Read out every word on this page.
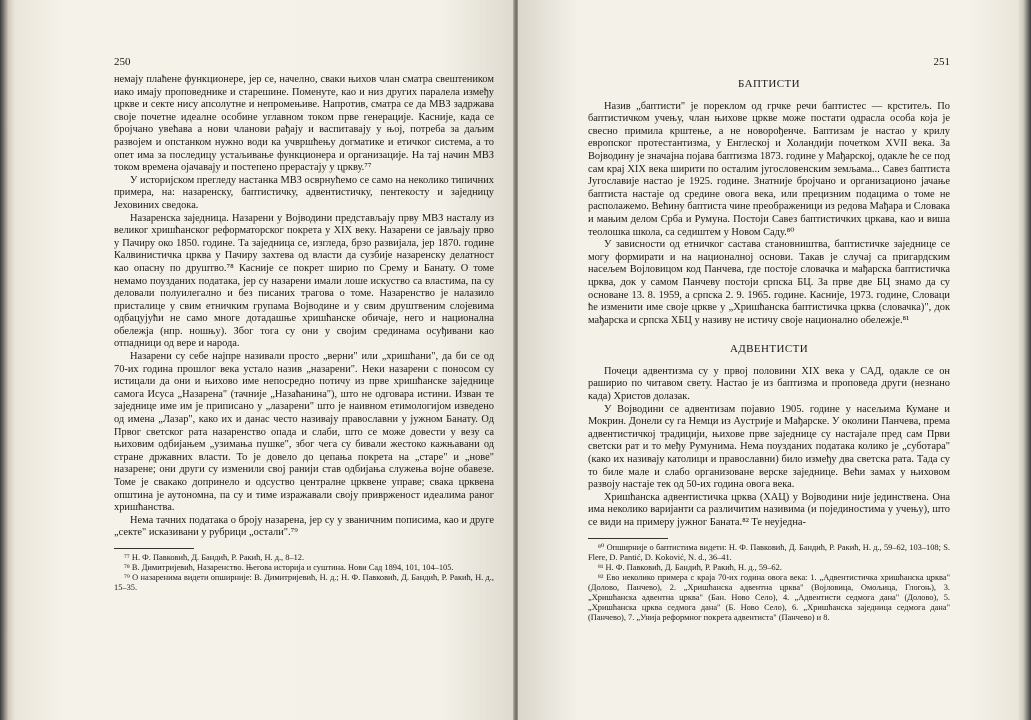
250

немају плаћене функционере, јер се, начелно, сваки њихов члан сматра свештеником иако имају проповеднике и старешине. Поменуте, као и низ других паралела између цркве и секте нису апсолутне и непромењиве. Напротив, сматра се да МВЗ задржава своје почетне идеалне особине углавном током прве генерације. Касније, када се бројчано увећава а нови чланови рађају и васпитавају у њој, потреба за даљим развојем и опстанком нужно води ка учвршћењу догматике и етичког система, а то опет има за последицу устаљивање функционера и организације. На тај начин МВЗ током времена ојачавају и постепено прерастају у цркву.⁷⁷

У историјском прегледу настанка МВЗ осврнућемо се само на неколико типичних примера, на: назаренску, баптистичку, адвентистичку, пентекосту и заједницу Јеховиних сведока.

Назаренска заједница. Назарени у Војводини представљају прву МВЗ насталу из великог хришћанског реформаторског покрета у XIX веку. Назарени се јављају прво у Пачиру око 1850. године. Та заједница се, изгледа, брзо развијала, јер 1870. године Калвинистичка црква у Пачиру захтева од власти да сузбије назаренску делатност као опасну по друштво.⁷⁸ Касније се покрет ширио по Срему и Банату. О томе немамо поузданих података, јер су назарени имали лоше искуство са властима, па су деловали полуилегално и без писаних трагова о томе. Назаренство је налазило присталице у свим етничким групама Војводине и у свим друштвеним слојевима одбацујући не само многе дотадашње хришћанске обичаје, него и национална обележја (нпр. ношњу). Због тога су они у својим срединама осуђивани као отпадници од вере и народа.

Назарени су себе најпре називали просто „верни" или „хришћани", да би се од 70-их година прошлог века устало назив „назарени". Неки назарени с поносом су истицали да они и њихово име непосредно потичу из прве хришћанске заједнице самога Исуса „Назарена" (тачније „Назаћанина"), што не одговара истини. Изван те заједнице име им је приписано у „лазарени" што је наивном етимологијом изведено од имена „Лазар", како их и данас често називају православни у јужном Банату. Од Првог светског рата назаренство опада и слаби, што се може довести у везу са њиховим одбијањем „узимања пушке", због чега су бивали жестоко кажњавани од стране државних власти. То је довело до цепања покрета на „старе" и „нове" назарене; они други су изменили свој ранији став одбијања служења војне обавезе. Томе је свакако допринело и одсуство централне црквене управе; свака црквена општина је аутономна, па су и тиме изражавали своју приврженост идеалима раног хришћанства.

Нема тачних података о броју назарена, јер су у званичним пописима, као и друге „секте" исказивани у рубрици „остали".⁷⁹

⁷⁷ Н. Ф. Павковић, Д. Бандић, Р. Ракић, Н. д., 8–12.

⁷⁸ В. Димитријевић, Назаренство. Његова историја и суштина. Нови Сад 1894, 101, 104–105.

⁷⁹ О назаренима видети опширније: В. Димитријевић, Н. д.; Н. Ф. Павковић, Д. Бандић, Р. Ракић, Н. д., 15–35.

251

БАПТИСТИ

Назив „баптисти" је пореклом од грчке речи баптистес — крститељ. По баптистичком учењу, члан њихове цркве може постати одрасла особа која је свесно примила крштење, а не новорођенче. Баптизам је настао у крилу европског протестантизма, у Енглеској и Холандији почетком XVII века. За Војводину је значајна појава баптизма 1873. године у Мађарској, одакле ће се под сам крај XIX века ширити по осталим југословенским земљама... Савез баптиста Југославије настао је 1925. године. Знатније бројчано и организационо јачање баптиста настаје од средине овога века, или прецизним подацима о томе не располажемо. Већину баптиста чине преображеници из редова Мађара и Словака и мањим делом Срба и Румуна. Постоји Савез баптистичких цркава, као и виша теолошка школа, са седиштем у Новом Саду.⁸⁰

У зависности од етничког састава становништва, баптистичке заједнице се могу формирати и на националној основи. Такав је случај са пригардским насељем Војловицом код Панчева, где постоје словачка и мађарска баптистичка црква, док у самом Панчеву постоји српска БЦ. За прве две БЦ знамо да су основане 13. 8. 1959, а српска 2. 9. 1965. године. Касније, 1973. године, Словаци ће изменити име своје цркве у „Хришћанска баптистичка црква (словачка)", док мађарска и српска ХБЦ у називу не истичу своје национално обележје.⁸¹

АДВЕНТИСТИ

Почеци адвентизма су у првој половини XIX века у САД, одакле се он раширио по читавом свету. Настао је из баптизма и проповеда други (незнано када) Христов долазак.

У Војводини се адвентизам појавио 1905. године у насељима Кумане и Мокрин. Донели су га Немци из Аустрије и Мађарске. У околини Панчева, према адвентистичкој традицији, њихове прве заједнице су настајале пред сам Први светски рат и то међу Румунима. Нема поузданих података колико је „суботара" (како их називају католици и православни) било између два светска рата. Тада су то биле мале и слабо организоване верске заједнице. Већи замах у њиховом развоју настаје тек од 50-их година овога века.

Хришћанска адвентистичка црква (ХАЦ) у Војводини није јединствена. Она има неколико варијанти са различитим називима (и појединостима у учењу), што се види на примеру јужног Баната.⁸² Те неуједна-

⁸⁰ Опширније о баптистима видети: Н. Ф. Павковић, Д. Бандић, Р. Ракић, Н. д., 59–62, 103–108; S. Flere, D. Pantić, D. Koković, N. d., 36–41.

⁸¹ Н. Ф. Павковић, Д. Бандић, Р. Ракић, Н. д., 59–62.

⁸² Ево неколико примера с краја 70-их година овога века: 1. „Адвентистичка хришћанска црква" (Долово, Панчево), 2. „Хришћанска адвентна црква" (Војловица, Омољица, Глогоњ), 3. „Хришћанска адвентна црква" (Бан. Ново Село), 4. „Адвентисти седмога дана" (Долово), 5. „Хришћанска црква седмога дана" (Б. Ново Село), 6. „Хришћанска заједница седмога дана" (Панчево), 7. „Унија реформног покрета адвентиста" (Панчево) и 8.
